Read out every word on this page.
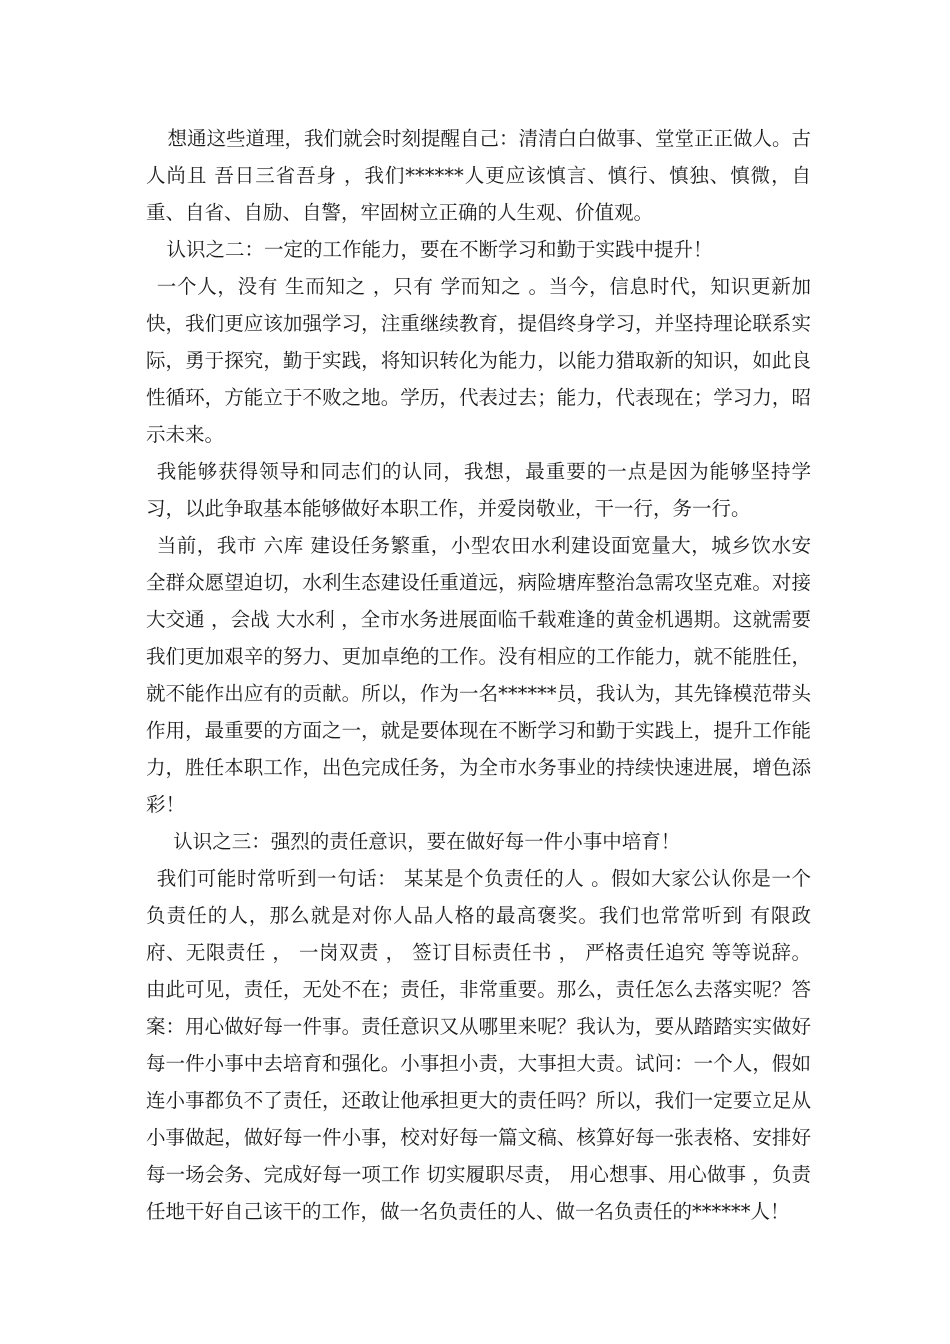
想通这些道理，我们就会时刻提醒自己：清清白白做事、堂堂正正做人。古人尚且 吾日三省吾身 ，我们******人更应该慎言、慎行、慎独、慎微，自重、自省、自励、自警，牢固树立正确的人生观、价值观。

认识之二：一定的工作能力，要在不断学习和勤于实践中提升！

一个人，没有 生而知之 ，只有 学而知之 。当今，信息时代，知识更新加快，我们更应该加强学习，注重继续教育，提倡终身学习，并坚持理论联系实际，勇于探究，勤于实践，将知识转化为能力，以能力猎取新的知识，如此良性循环，方能立于不败之地。学历，代表过去；能力，代表现在；学习力，昭示未来。

我能够获得领导和同志们的认同，我想，最重要的一点是因为能够坚持学习，以此争取基本能够做好本职工作，并爱岗敬业，干一行，务一行。

当前，我市 六库 建设任务繁重，小型农田水利建设面宽量大，城乡饮水安全群众愿望迫切，水利生态建设任重道远，病险塘库整治急需攻坚克难。对接 大交通 ，会战 大水利 ，全市水务进展面临千载难逢的黄金机遇期。这就需要我们更加艰辛的努力、更加卓绝的工作。没有相应的工作能力，就不能胜任，就不能作出应有的贡献。所以，作为一名******员，我认为，其先锋模范带头作用，最重要的方面之一，就是要体现在不断学习和勤于实践上，提升工作能力，胜任本职工作，出色完成任务，为全市水务事业的持续快速进展，增色添彩！

认识之三：强烈的责任意识，要在做好每一件小事中培育！

我们可能时常听到一句话： 某某是个负责任的人 。假如大家公认你是一个负责任的人，那么就是对你人品人格的最高褒奖。我们也常常听到 有限政府、无限责任 ， 一岗双责 ， 签订目标责任书 ， 严格责任追究 等等说辞。由此可见，责任，无处不在；责任，非常重要。那么，责任怎么去落实呢？答案：用心做好每一件事。责任意识又从哪里来呢？我认为，要从踏踏实实做好每一件小事中去培育和强化。小事担小责，大事担大责。试问：一个人，假如连小事都负不了责任，还敢让他承担更大的责任吗？所以，我们一定要立足从小事做起，做好每一件小事，校对好每一篇文稿、核算好每一张表格、安排好每一场会务、完成好每一项工作 切实履职尽责， 用心想事、用心做事 ，负责任地干好自己该干的工作，做一名负责任的人、做一名负责任的******人！
